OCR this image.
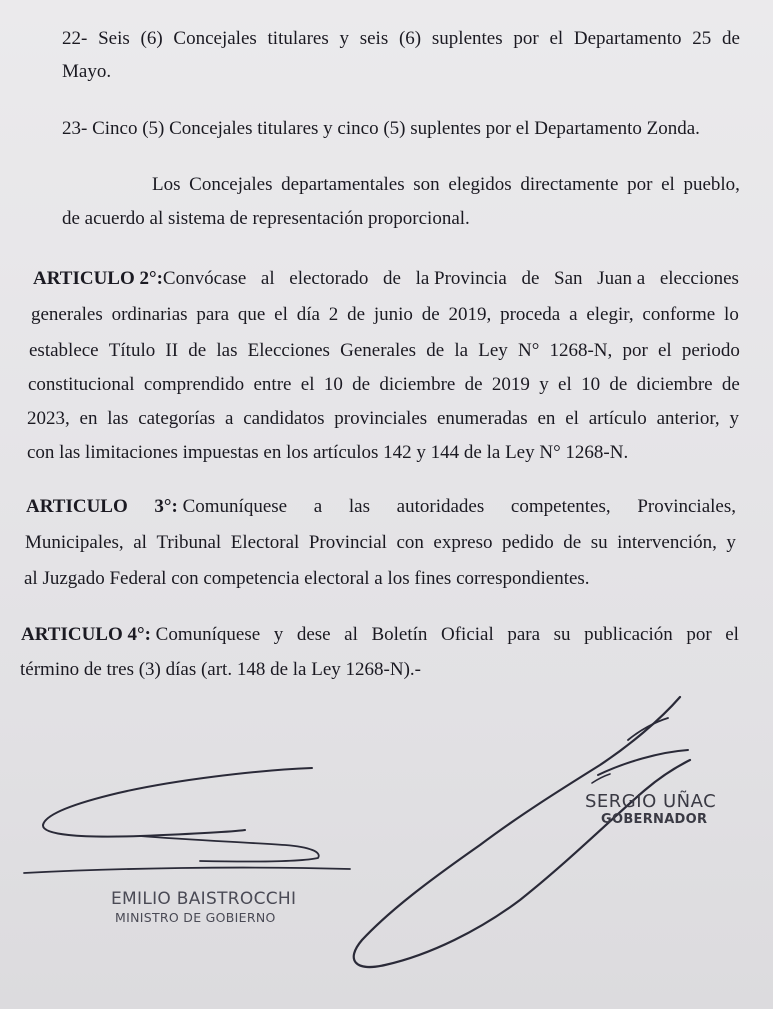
22- Seis (6) Concejales titulares y seis (6) suplentes por el Departamento 25 de
Mayo.
23- Cinco (5) Concejales titulares y cinco (5) suplentes por el Departamento Zonda.
Los Concejales departamentales son elegidos directamente por el pueblo,
de acuerdo al sistema de representación proporcional.
ARTICULO 2°:Convócase al electorado de la Provincia de San Juan a elecciones
generales ordinarias para que el día 2 de junio de 2019, proceda a elegir, conforme lo
establece Título II de las Elecciones Generales de la Ley N° 1268-N, por el periodo
constitucional comprendido entre el 10 de diciembre de 2019 y el 10 de diciembre de
2023, en las categorías a candidatos provinciales enumeradas en el artículo anterior, y
con las limitaciones impuestas en los artículos 142 y 144 de la Ley N° 1268-N.
ARTICULO 3°: Comuníquese a las autoridades competentes, Provinciales,
Municipales, al Tribunal Electoral Provincial con expreso pedido de su intervención, y
al Juzgado Federal con competencia electoral a los fines correspondientes.
ARTICULO 4°: Comuníquese y dese al Boletín Oficial para su publicación por el
término de tres (3) días (art. 148 de la Ley 1268-N).-
SERGIO UÑAC
GOBERNADOR
EMILIO BAISTROCCHI
MINISTRO DE GOBIERNO
